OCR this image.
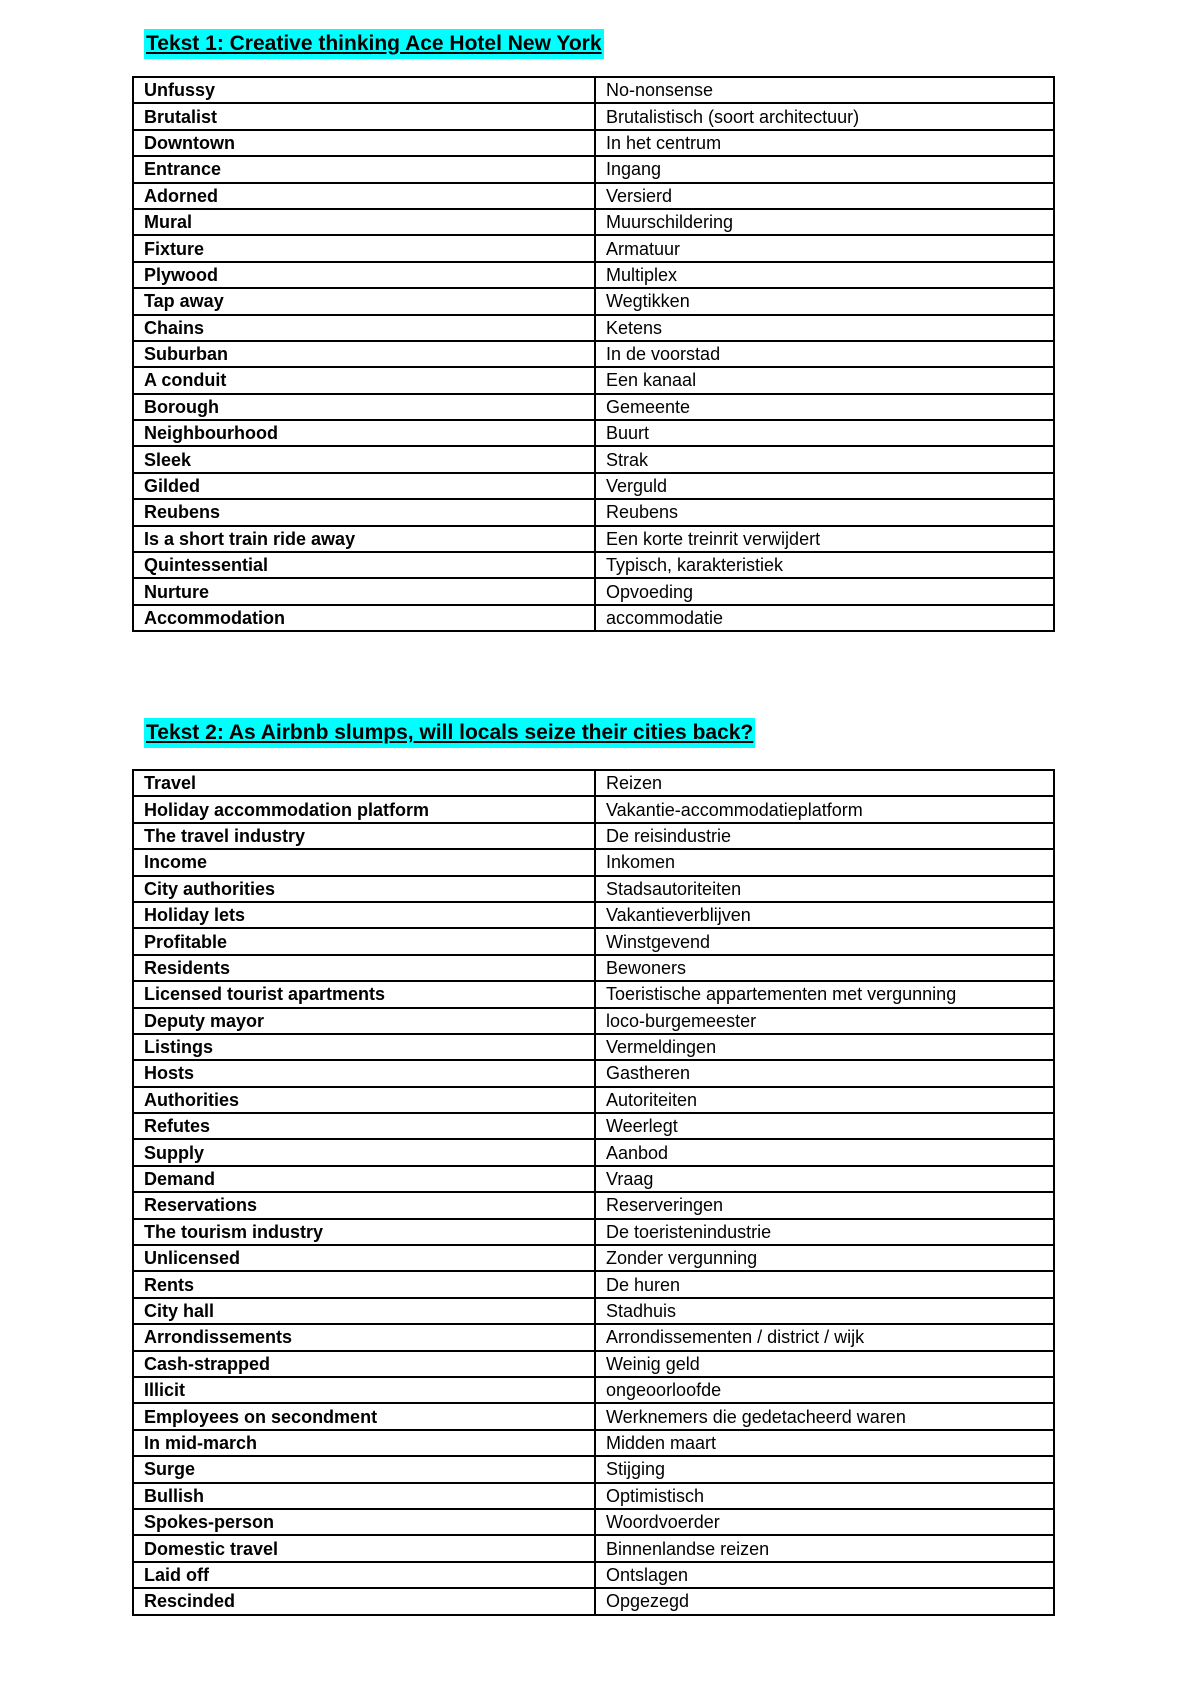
Tekst 1: Creative thinking Ace Hotel New York
Unfussy	No-nonsense
Brutalist	Brutalistisch (soort architectuur)
Downtown	In het centrum
Entrance	Ingang
Adorned	Versierd
Mural	Muurschildering
Fixture	Armatuur
Plywood	Multiplex
Tap away	Wegtikken
Chains	Ketens
Suburban	In de voorstad
A conduit	Een kanaal
Borough	Gemeente
Neighbourhood	Buurt
Sleek	Strak
Gilded	Verguld
Reubens	Reubens
Is a short train ride away	Een korte treinrit verwijdert
Quintessential	Typisch, karakteristiek
Nurture	Opvoeding
Accommodation	accommodatie
Tekst 2: As Airbnb slumps, will locals seize their cities back?
Travel	Reizen
Holiday accommodation platform	Vakantie-accommodatieplatform
The travel industry	De reisindustrie
Income	Inkomen
City authorities	Stadsautoriteiten
Holiday lets	Vakantieverblijven
Profitable	Winstgevend
Residents	Bewoners
Licensed tourist apartments	Toeristische appartementen met vergunning
Deputy mayor	loco-burgemeester
Listings	Vermeldingen
Hosts	Gastheren
Authorities	Autoriteiten
Refutes	Weerlegt
Supply	Aanbod
Demand	Vraag
Reservations	Reserveringen
The tourism industry	De toeristenindustrie
Unlicensed	Zonder vergunning
Rents	De huren
City hall	Stadhuis
Arrondissements	Arrondissementen / district / wijk
Cash-strapped	Weinig geld
Illicit	ongeoorloofde
Employees on secondment	Werknemers die gedetacheerd waren
In mid-march	Midden maart
Surge	Stijging
Bullish	Optimistisch
Spokes-person	Woordvoerder
Domestic travel	Binnenlandse reizen
Laid off	Ontslagen
Rescinded	Opgezegd
